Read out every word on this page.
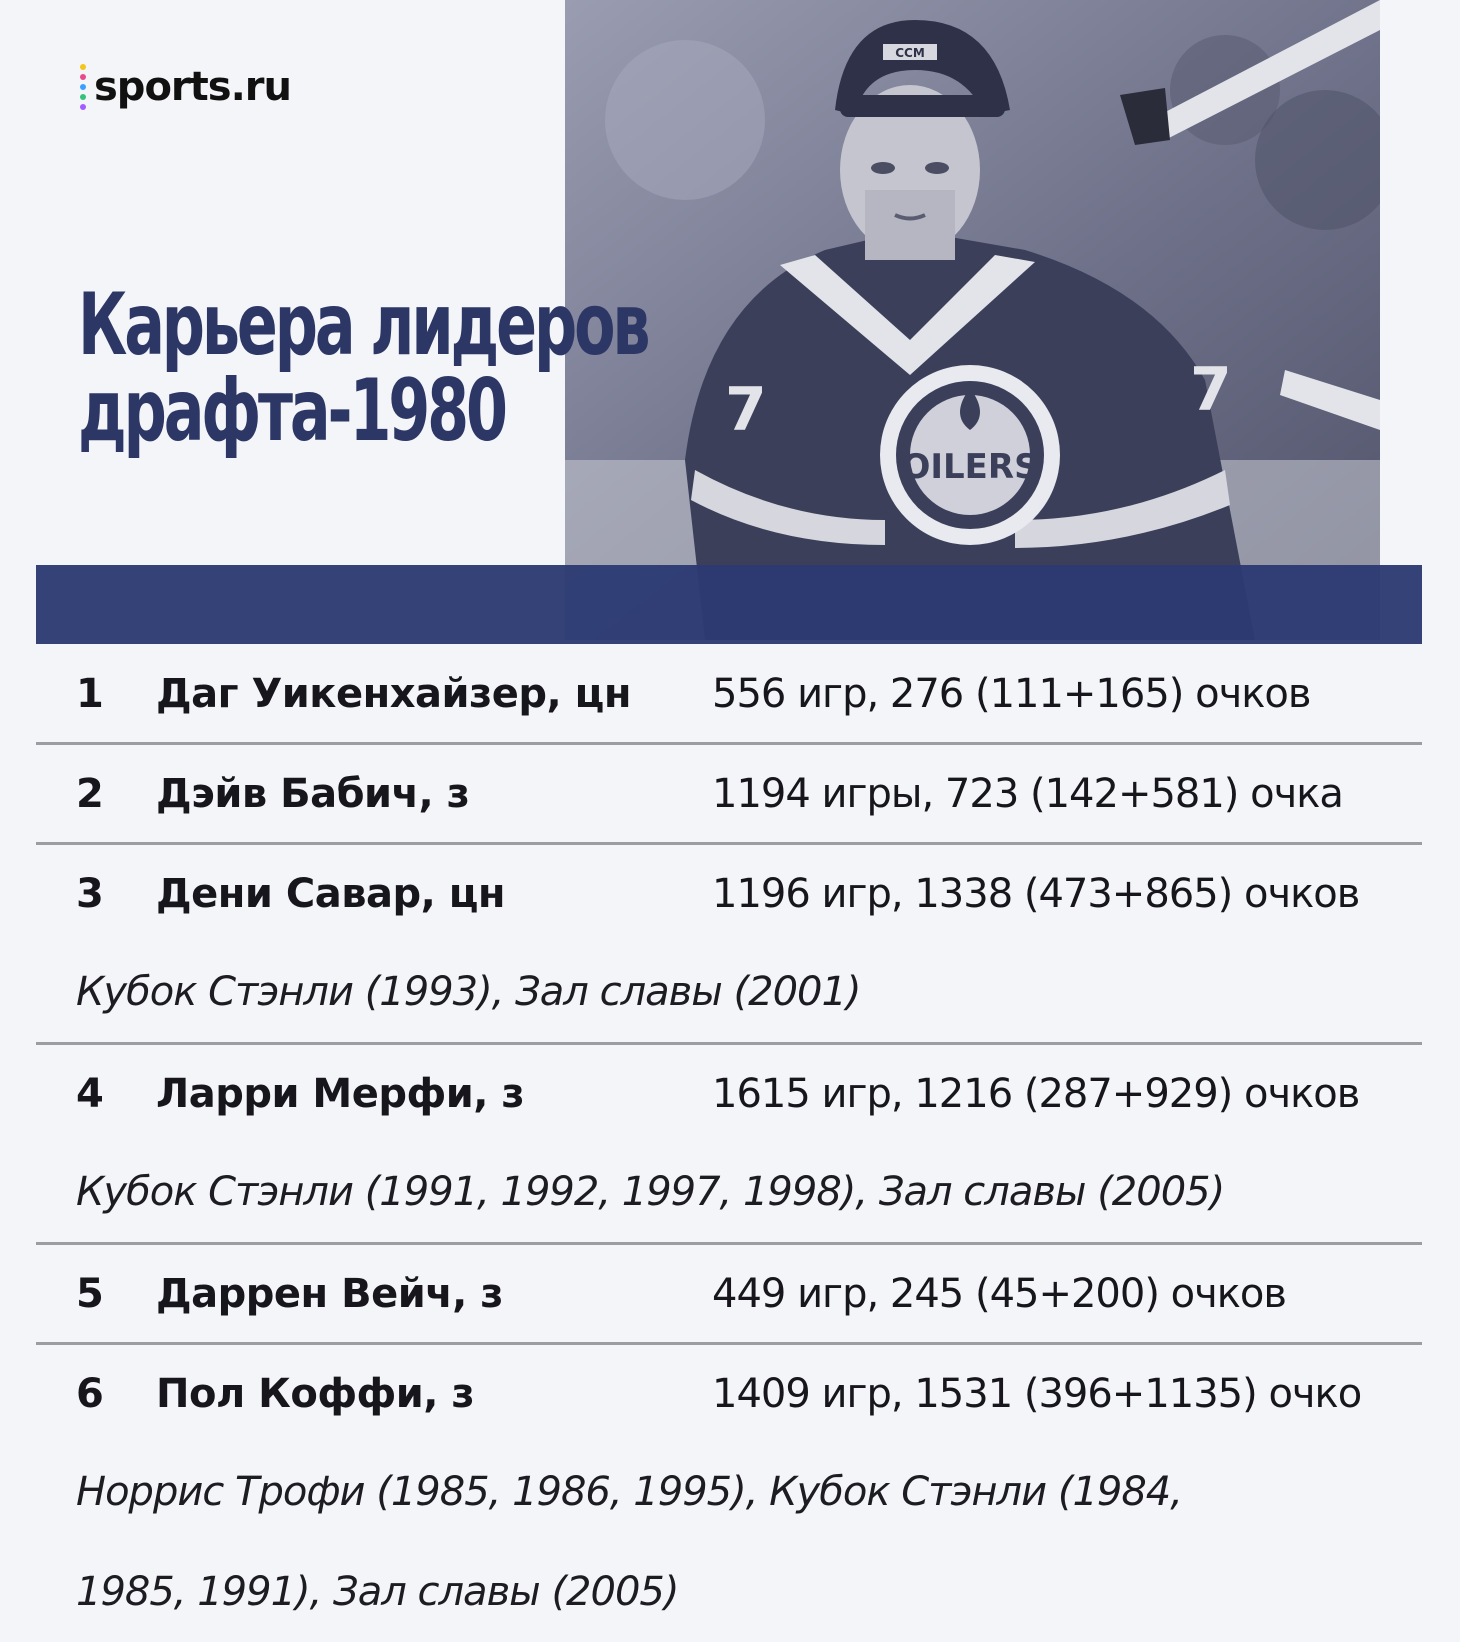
sports.ru
OILERS
7	7
CCM
Карьера лидеров
драфта-1980
1 Даг Уикенхайзер, цн 556 игр, 276 (111+165) очков
2 Дэйв Бабич, з	1194 игры, 723 (142+581) очка
3 Дени Савар, цн	1196 игр, 1338 (473+865) очков
Кубок Стэнли (1993), Зал славы (2001)
4 Ларри Мерфи, з	1615 игр, 1216 (287+929) очков
Кубок Стэнли (1991, 1992, 1997, 1998), Зал славы (2005)
5 Даррен Вейч, з	449 игр, 245 (45+200) очков
6 Пол Коффи, з	1409 игр, 1531 (396+1135) очко
Норрис Трофи (1985, 1986, 1995), Кубок Стэнли (1984,
1985, 1991), Зал славы (2005)
